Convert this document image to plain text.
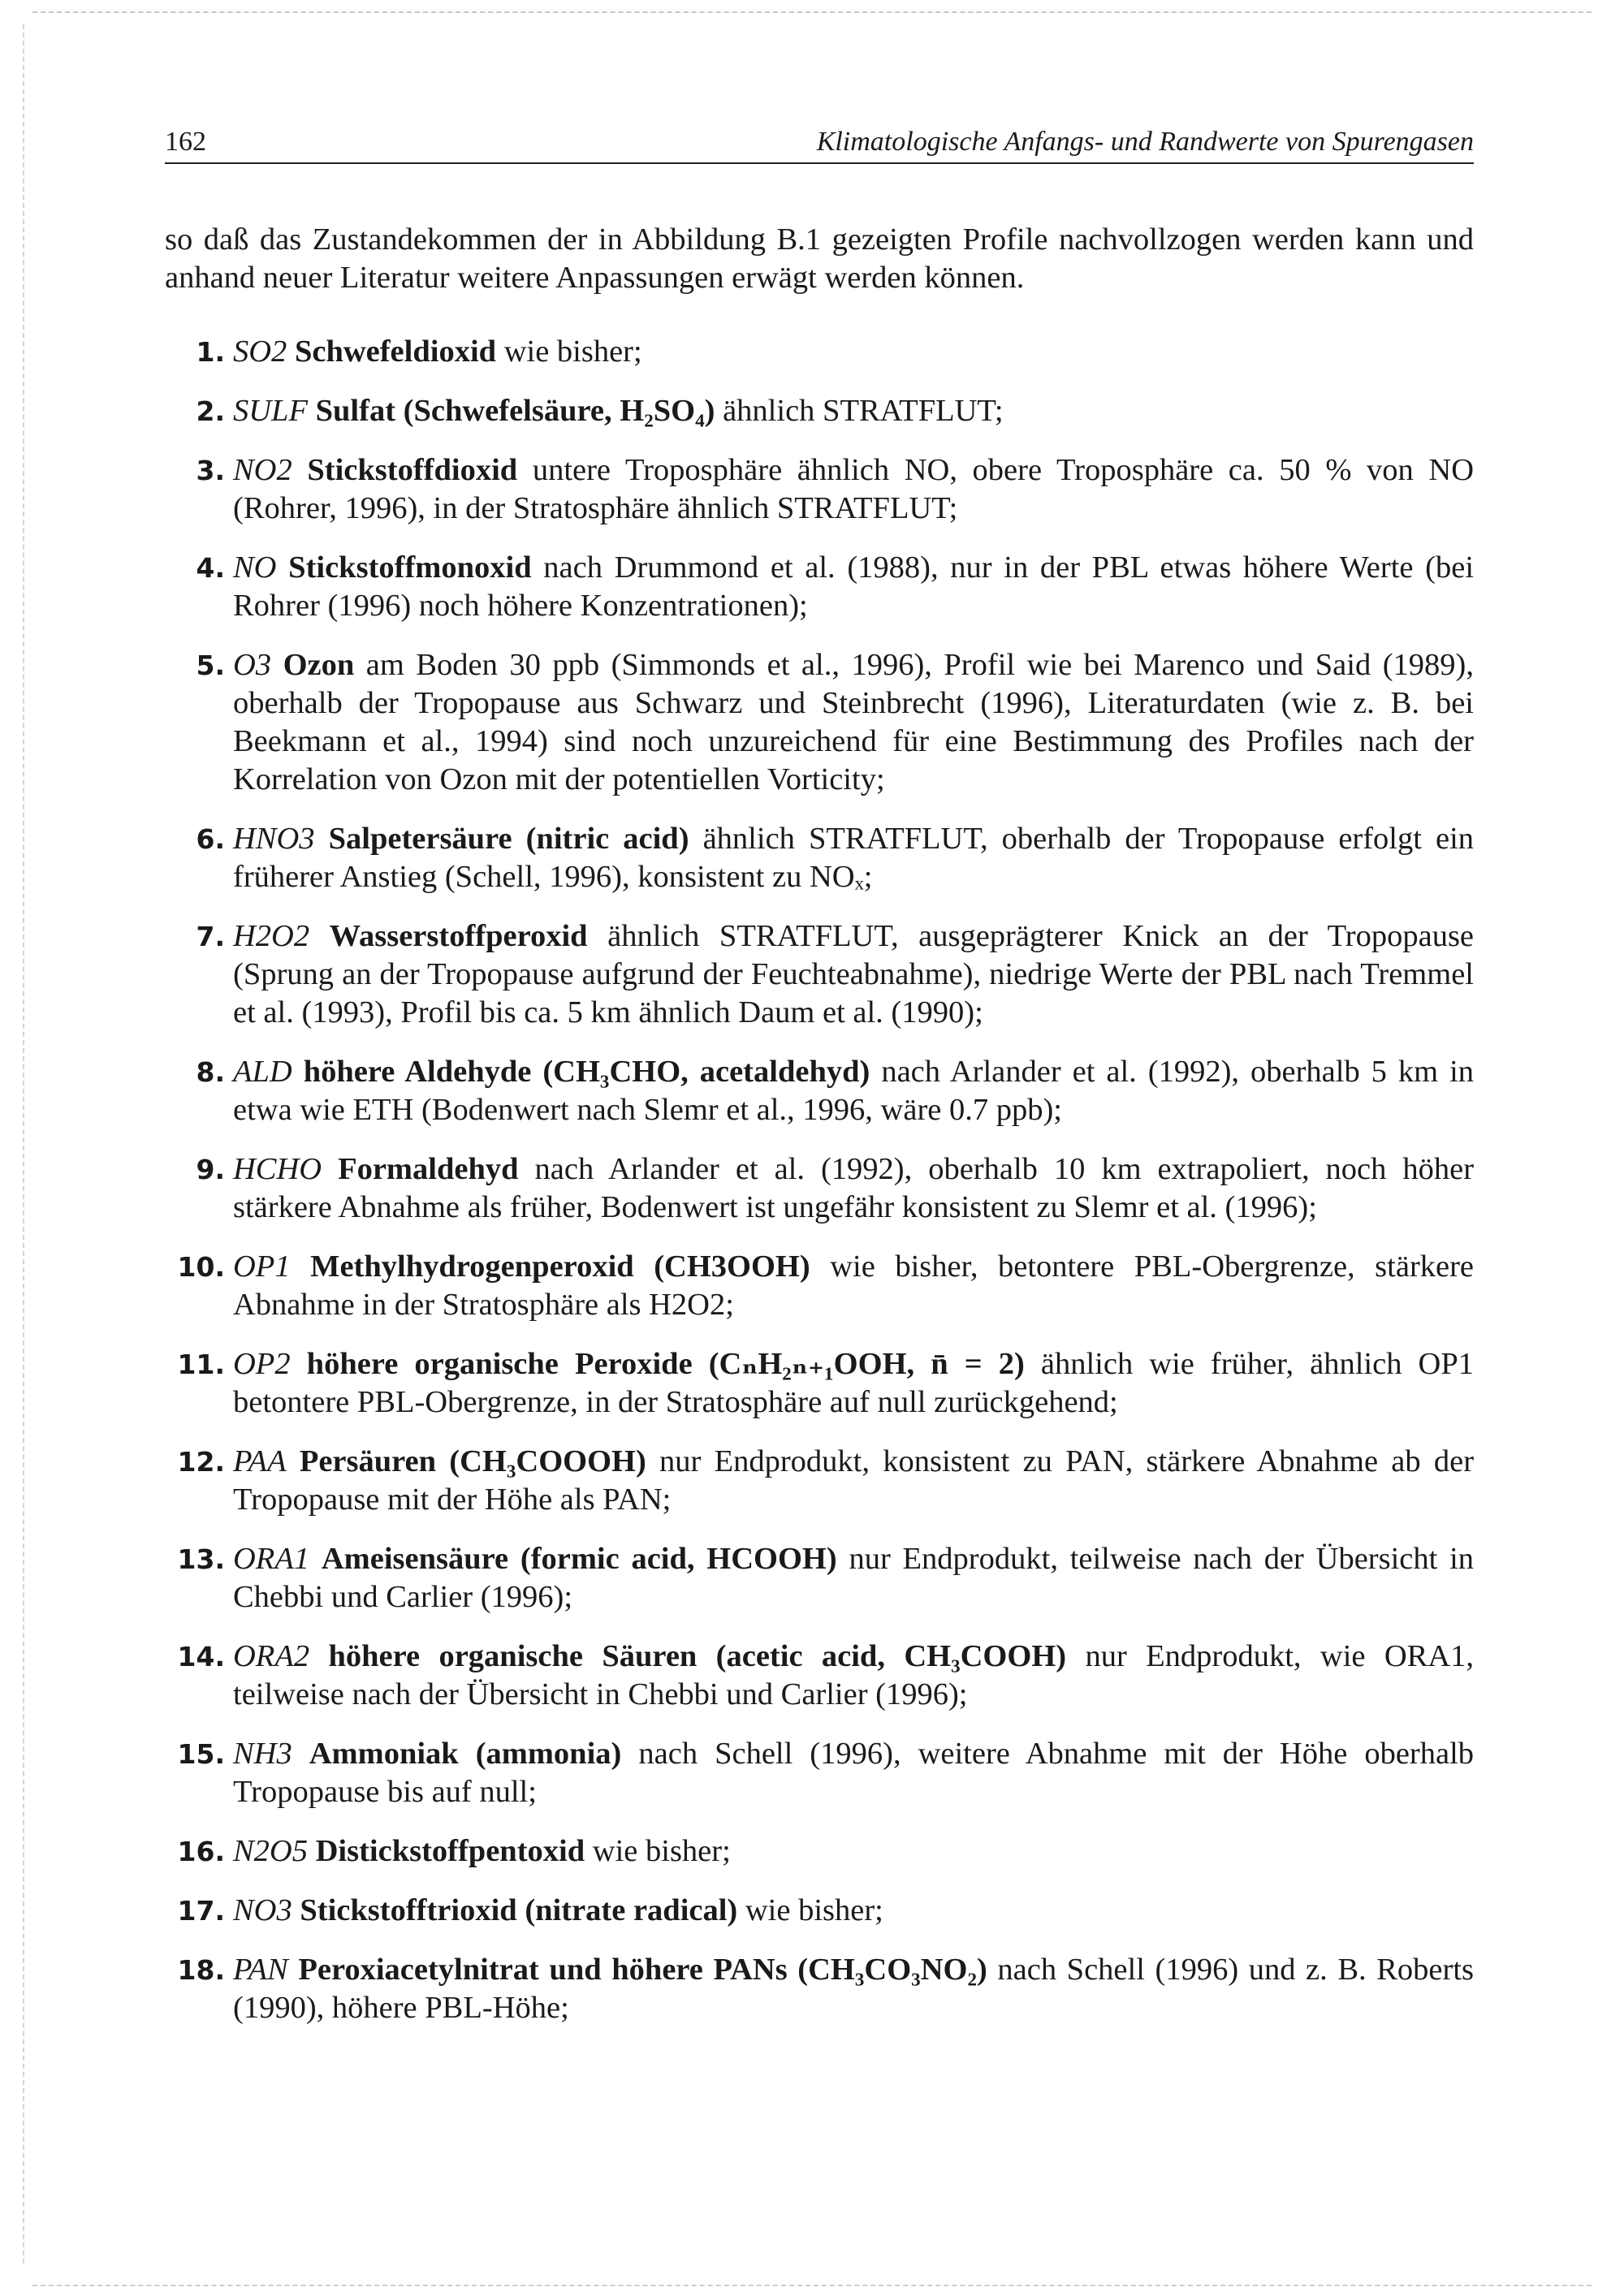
162	Klimatologische Anfangs- und Randwerte von Spurengasen

so daß das Zustandekommen der in Abbildung B.1 gezeigten Profile nachvollzogen werden kann und anhand neuer Literatur weitere Anpassungen erwägt werden können.

1. SO2 Schwefeldioxid wie bisher;
2. SULF Sulfat (Schwefelsäure, H₂SO₄) ähnlich STRATFLUT;
3. NO2 Stickstoffdioxid untere Troposphäre ähnlich NO, obere Troposphäre ca. 50 % von NO (Rohrer, 1996), in der Stratosphäre ähnlich STRATFLUT;
4. NO Stickstoffmonoxid nach Drummond et al. (1988), nur in der PBL etwas höhere Werte (bei Rohrer (1996) noch höhere Konzentrationen);
5. O3 Ozon am Boden 30 ppb (Simmonds et al., 1996), Profil wie bei Marenco und Said (1989), oberhalb der Tropopause aus Schwarz und Steinbrecht (1996), Literaturdaten (wie z. B. bei Beekmann et al., 1994) sind noch unzureichend für eine Bestimmung des Profiles nach der Korrelation von Ozon mit der potentiellen Vorticity;
6. HNO3 Salpetersäure (nitric acid) ähnlich STRATFLUT, oberhalb der Tropopause erfolgt ein früherer Anstieg (Schell, 1996), konsistent zu NOₓ;
7. H2O2 Wasserstoffperoxid ähnlich STRATFLUT, ausgeprägterer Knick an der Tropopause (Sprung an der Tropopause aufgrund der Feuchteabnahme), niedrige Werte der PBL nach Tremmel et al. (1993), Profil bis ca. 5 km ähnlich Daum et al. (1990);
8. ALD höhere Aldehyde (CH₃CHO, acetaldehyd) nach Arlander et al. (1992), oberhalb 5 km in etwa wie ETH (Bodenwert nach Slemr et al., 1996, wäre 0.7 ppb);
9. HCHO Formaldehyd nach Arlander et al. (1992), oberhalb 10 km extrapoliert, noch höher stärkere Abnahme als früher, Bodenwert ist ungefähr konsistent zu Slemr et al. (1996);
10. OP1 Methylhydrogenperoxid (CH3OOH) wie bisher, betontere PBL-Obergrenze, stärkere Abnahme in der Stratosphäre als H2O2;
11. OP2 höhere organische Peroxide (CₙH₂ₙ₊₁OOH, n̄ = 2) ähnlich wie früher, ähnlich OP1 betontere PBL-Obergrenze, in der Stratosphäre auf null zurückgehend;
12. PAA Persäuren (CH₃COOOH) nur Endprodukt, konsistent zu PAN, stärkere Abnahme ab der Tropopause mit der Höhe als PAN;
13. ORA1 Ameisensäure (formic acid, HCOOH) nur Endprodukt, teilweise nach der Übersicht in Chebbi und Carlier (1996);
14. ORA2 höhere organische Säuren (acetic acid, CH₃COOH) nur Endprodukt, wie ORA1, teilweise nach der Übersicht in Chebbi und Carlier (1996);
15. NH3 Ammoniak (ammonia) nach Schell (1996), weitere Abnahme mit der Höhe oberhalb Tropopause bis auf null;
16. N2O5 Distickstoffpentoxid wie bisher;
17. NO3 Stickstofftrioxid (nitrate radical) wie bisher;
18. PAN Peroxiacetylnitrat und höhere PANs (CH₃CO₃NO₂) nach Schell (1996) und z. B. Roberts (1990), höhere PBL-Höhe;
